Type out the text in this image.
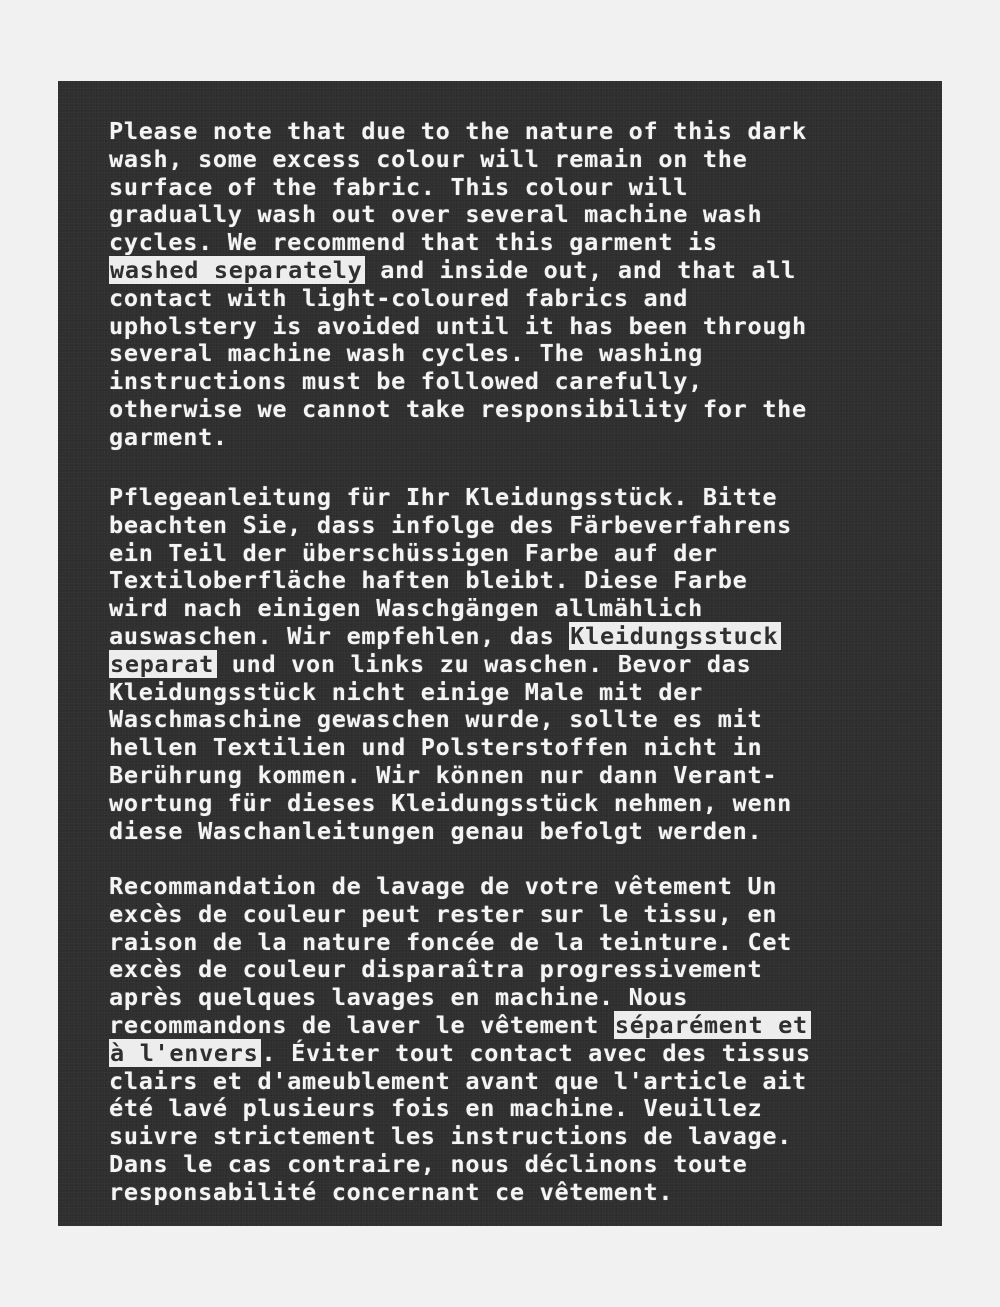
Please note that due to the nature of this dark
wash, some excess colour will remain on the
surface of the fabric. This colour will
gradually wash out over several machine wash
cycles. We recommend that this garment is
washed separately and inside out, and that all
contact with light-coloured fabrics and
upholstery is avoided until it has been through
several machine wash cycles. The washing
instructions must be followed carefully,
otherwise we cannot take responsibility for the
garment.
Pflegeanleitung für Ihr Kleidungsstück. Bitte
beachten Sie, dass infolge des Färbeverfahrens
ein Teil der überschüssigen Farbe auf der
Textiloberfläche haften bleibt. Diese Farbe
wird nach einigen Waschgängen allmählich
auswaschen. Wir empfehlen, das Kleidungsstuck
separat und von links zu waschen. Bevor das
Kleidungsstück nicht einige Male mit der
Waschmaschine gewaschen wurde, sollte es mit
hellen Textilien und Polsterstoffen nicht in
Berührung kommen. Wir können nur dann Verant-
wortung für dieses Kleidungsstück nehmen, wenn
diese Waschanleitungen genau befolgt werden.
Recommandation de lavage de votre vêtement Un
excès de couleur peut rester sur le tissu, en
raison de la nature foncée de la teinture. Cet
excès de couleur disparaîtra progressivement
après quelques lavages en machine. Nous
recommandons de laver le vêtement séparément et
à l'envers . Éviter tout contact avec des tissus
clairs et d'ameublement avant que l'article ait
été lavé plusieurs fois en machine. Veuillez
suivre strictement les instructions de lavage.
Dans le cas contraire, nous déclinons toute
responsabilité concernant ce vêtement.
